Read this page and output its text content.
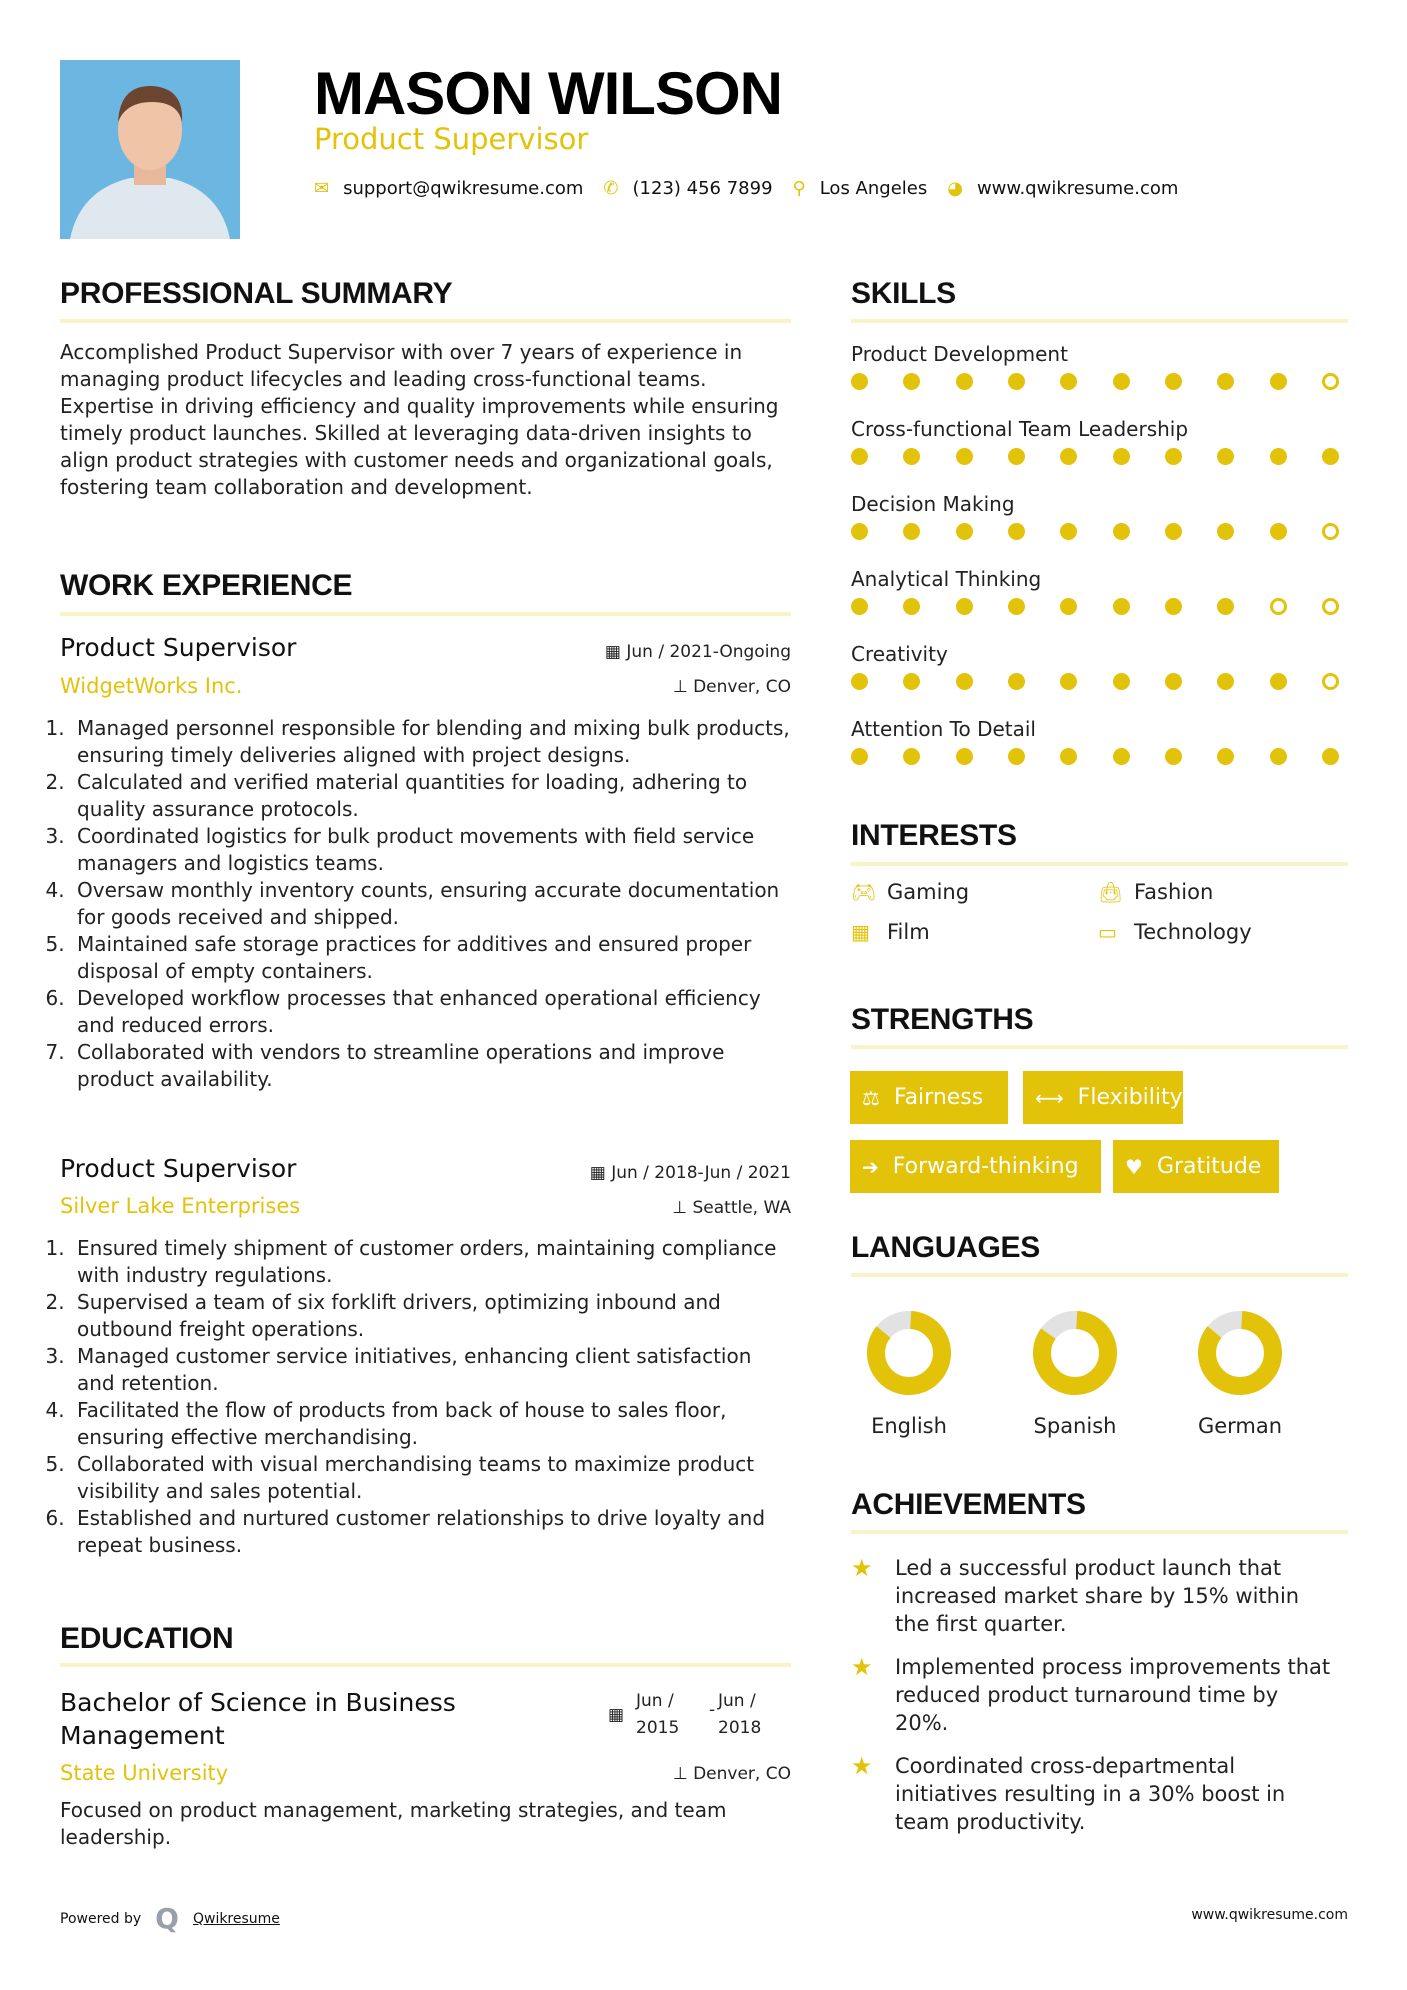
MASON WILSON
Product Supervisor
✉ support@qwikresume.com ✆ (123) 456 7899 ⚲ Los Angeles ◕ www.qwikresume.com
PROFESSIONAL SUMMARY
Accomplished Product Supervisor with over 7 years of experience in managing product lifecycles and leading cross-functional teams. Expertise in driving efficiency and quality improvements while ensuring timely product launches. Skilled at leveraging data-driven insights to align product strategies with customer needs and organizational goals, fostering team collaboration and development.
WORK EXPERIENCE
Product Supervisor	▦ Jun / 2021-Ongoing
WidgetWorks Inc.	⊥ Denver, CO
1. Managed personnel responsible for blending and mixing bulk products, ensuring timely deliveries aligned with project designs.
2. Calculated and verified material quantities for loading, adhering to quality assurance protocols.
3. Coordinated logistics for bulk product movements with field service managers and logistics teams.
4. Oversaw monthly inventory counts, ensuring accurate documentation for goods received and shipped.
5. Maintained safe storage practices for additives and ensured proper disposal of empty containers.
6. Developed workflow processes that enhanced operational efficiency and reduced errors.
7. Collaborated with vendors to streamline operations and improve product availability.
Product Supervisor	▦ Jun / 2018-Jun / 2021
Silver Lake Enterprises	⊥ Seattle, WA
1. Ensured timely shipment of customer orders, maintaining compliance with industry regulations.
2. Supervised a team of six forklift drivers, optimizing inbound and outbound freight operations.
3. Managed customer service initiatives, enhancing client satisfaction and retention.
4. Facilitated the flow of products from back of house to sales floor, ensuring effective merchandising.
5. Collaborated with visual merchandising teams to maximize product visibility and sales potential.
6. Established and nurtured customer relationships to drive loyalty and repeat business.
EDUCATION
Bachelor of Science in Business Management
▦
Jun /
2015
- Jun /
2018
State University	⊥ Denver, CO
Focused on product management, marketing strategies, and team leadership.
SKILLS
Product Development
Cross-functional Team Leadership
Decision Making
Analytical Thinking
Creativity
Attention To Detail
INTERESTS
🎮︎ Gaming	👜︎ Fashion
▦ Film	▭ Technology
STRENGTHS
⚖ Fairness	⟷ Flexibility
➔ Forward-thinking ♥ Gratitude
LANGUAGES
English	Spanish	German
ACHIEVEMENTS
★	Led a successful product launch that increased market share by 15% within the first quarter.
★	Implemented process improvements that reduced product turnaround time by 20%.
★	Coordinated cross-departmental initiatives resulting in a 30% boost in team productivity.
Powered by Q Qwikresume	www.qwikresume.com
